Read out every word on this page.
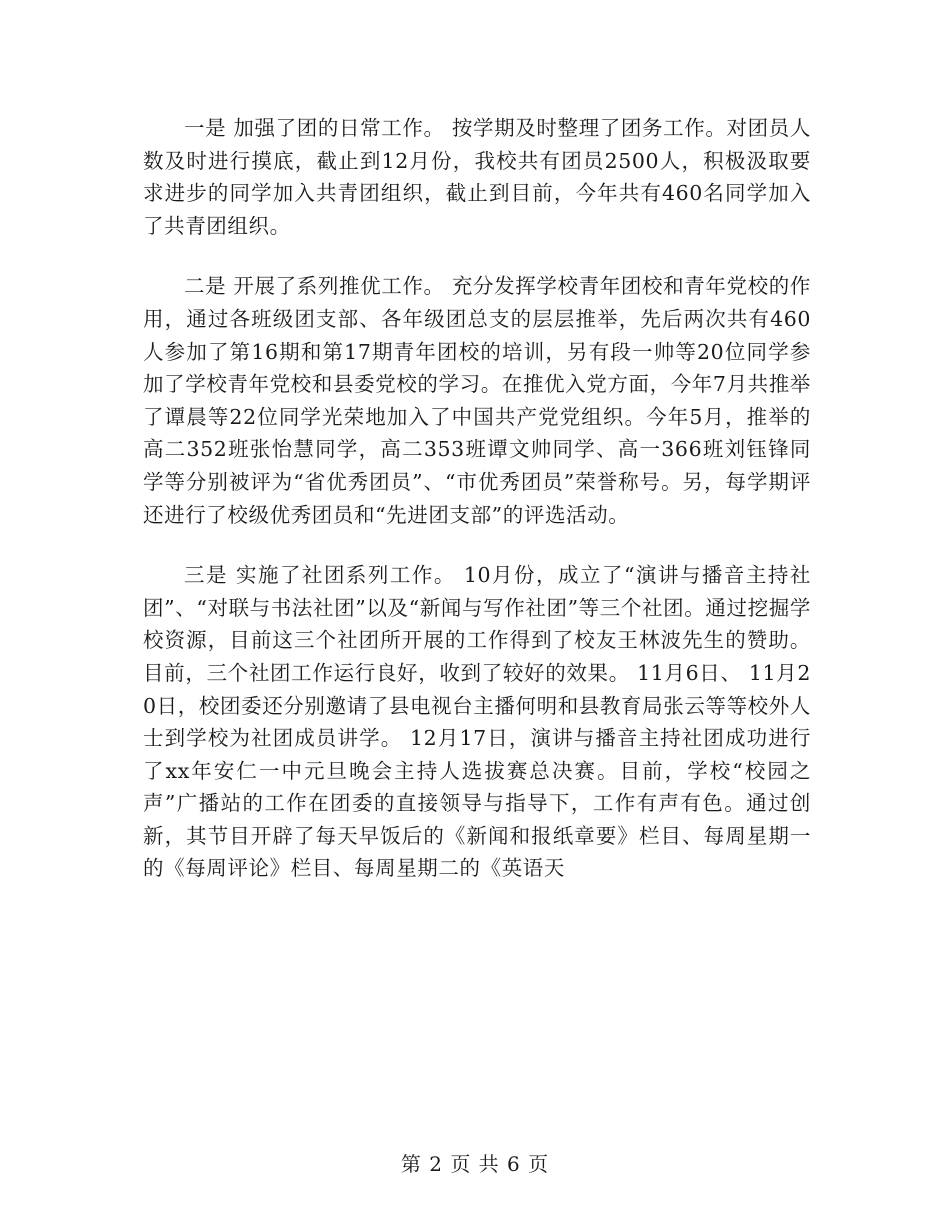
一是 加强了团的日常工作。 按学期及时整理了团务工作。对团员人数及时进行摸底，截止到12月份，我校共有团员2500人，积极汲取要求进步的同学加入共青团组织，截止到目前，今年共有460名同学加入了共青团组织。

二是 开展了系列推优工作。 充分发挥学校青年团校和青年党校的作用，通过各班级团支部、各年级团总支的层层推举，先后两次共有460人参加了第16期和第17期青年团校的培训，另有段一帅等20位同学参加了学校青年党校和县委党校的学习。在推优入党方面，今年7月共推举了谭晨等22位同学光荣地加入了中国共产党党组织。今年5月，推举的高二352班张怡慧同学，高二353班谭文帅同学、高一366班刘钰锋同学等分别被评为“省优秀团员”、“市优秀团员”荣誉称号。另，每学期评还进行了校级优秀团员和“先进团支部”的评选活动。

三是 实施了社团系列工作。 10月份，成立了“演讲与播音主持社团”、“对联与书法社团”以及“新闻与写作社团”等三个社团。通过挖掘学校资源，目前这三个社团所开展的工作得到了校友王林波先生的赞助。目前，三个社团工作运行良好，收到了较好的效果。 11月6日、 11月20日，校团委还分别邀请了县电视台主播何明和县教育局张云等等校外人士到学校为社团成员讲学。 12月17日，演讲与播音主持社团成功进行了xx年安仁一中元旦晚会主持人选拔赛总决赛。目前，学校“校园之声”广播站的工作在团委的直接领导与指导下，工作有声有色。通过创新，其节目开辟了每天早饭后的《新闻和报纸章要》栏目、每周星期一的《每周评论》栏目、每周星期二的《英语天

第 2 页 共 6 页
